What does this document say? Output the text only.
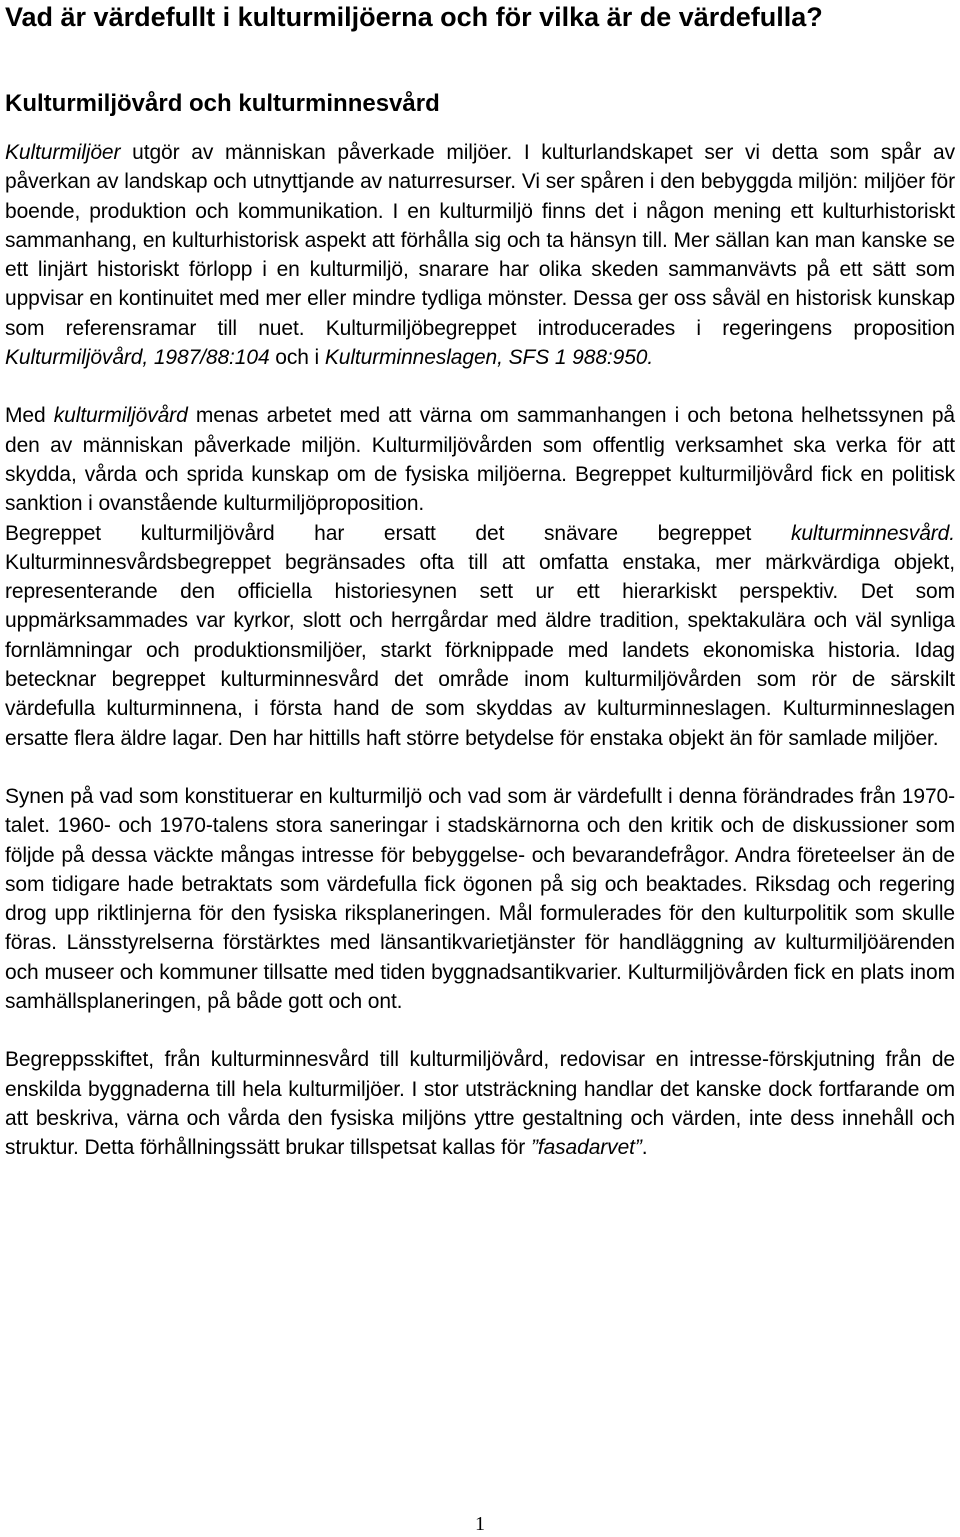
Vad är värdefullt i kulturmiljöerna och för vilka är de värdefulla?
Kulturmiljövård och kulturminnesvård

Kulturmiljöer utgör av människan påverkade miljöer. I kulturlandskapet ser vi detta som spår av påverkan av landskap och utnyttjande av naturresurser. Vi ser spåren i den bebyggda miljön: miljöer för boende, produktion och kommunikation. I en kulturmiljö finns det i någon mening ett kulturhistoriskt sammanhang, en kulturhistorisk aspekt att förhålla sig och ta hänsyn till. Mer sällan kan man kanske se ett linjärt historiskt förlopp i en kulturmiljö, snarare har olika skeden sammanvävts på ett sätt som uppvisar en kontinuitet med mer eller mindre tydliga mönster. Dessa ger oss såväl en historisk kunskap som referensramar till nuet. Kulturmiljöbegreppet introducerades i regeringens proposition Kulturmiljövård, 1987/88:104 och i Kulturminneslagen, SFS 1 988:950.

Med kulturmiljövård menas arbetet med att värna om sammanhangen i och betona helhetssynen på den av människan påverkade miljön. Kulturmiljövården som offentlig verksamhet ska verka för att skydda, vårda och sprida kunskap om de fysiska miljöerna. Begreppet kulturmiljövård fick en politisk sanktion i ovanstående kulturmiljöproposition.

Begreppet kulturmiljövård har ersatt det snävare begreppet kulturminnesvård. Kulturminnesvårdsbegreppet begränsades ofta till att omfatta enstaka, mer märkvärdiga objekt, representerande den officiella historiesynen sett ur ett hierarkiskt perspektiv. Det som uppmärksammades var kyrkor, slott och herrgårdar med äldre tradition, spektakulära och väl synliga fornlämningar och produktionsmiljöer, starkt förknippade med landets ekonomiska historia. Idag betecknar begreppet kulturminnesvård det område inom kulturmiljövården som rör de särskilt värdefulla kulturminnena, i första hand de som skyddas av kulturminneslagen. Kulturminneslagen ersatte flera äldre lagar. Den har hittills haft större betydelse för enstaka objekt än för samlade miljöer.

Synen på vad som konstituerar en kulturmiljö och vad som är värdefullt i denna förändrades från 1970-talet. 1960- och 1970-talens stora saneringar i stadskärnorna och den kritik och de diskussioner som följde på dessa väckte mångas intresse för bebyggelse- och bevarandefrågor. Andra företeelser än de som tidigare hade betraktats som värdefulla fick ögonen på sig och beaktades. Riksdag och regering drog upp riktlinjerna för den fysiska riksplaneringen. Mål formulerades för den kulturpolitik som skulle föras. Länsstyrelserna förstärktes med länsantikvarietjänster för handläggning av kulturmiljöärenden och museer och kommuner tillsatte med tiden byggnadsantikvarier. Kulturmiljövården fick en plats inom samhällsplaneringen, på både gott och ont.

Begreppsskiftet, från kulturminnesvård till kulturmiljövård, redovisar en intresse-förskjutning från de enskilda byggnaderna till hela kulturmiljöer. I stor utsträckning handlar det kanske dock fortfarande om att beskriva, värna och vårda den fysiska miljöns yttre gestaltning och värden, inte dess innehåll och struktur. Detta förhållningssätt brukar tillspetsat kallas för ”fasadarvet”.

1
